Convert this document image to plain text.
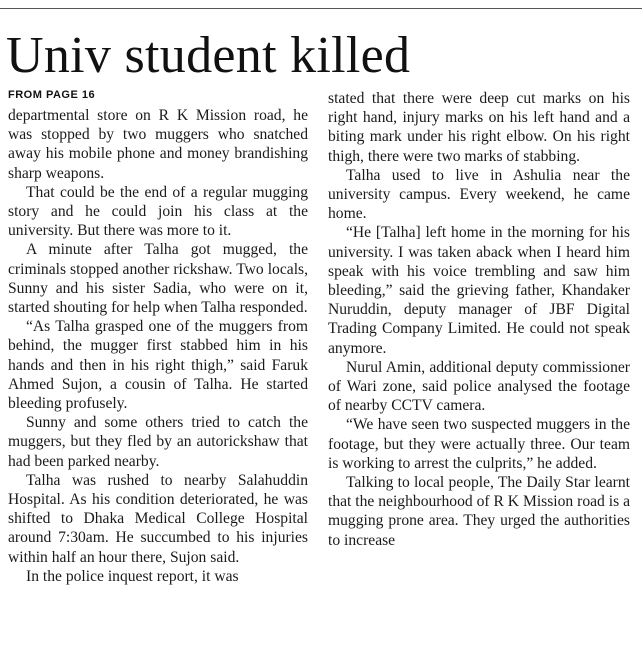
Univ student killed
FROM PAGE 16

departmental store on R K Mission road, he was stopped by two muggers who snatched away his mobile phone and money brandishing sharp weapons.

That could be the end of a regular mugging story and he could join his class at the university. But there was more to it.

A minute after Talha got mugged, the criminals stopped another rickshaw. Two locals, Sunny and his sister Sadia, who were on it, started shouting for help when Talha responded.

“As Talha grasped one of the muggers from behind, the mugger first stabbed him in his hands and then in his right thigh,” said Faruk Ahmed Sujon, a cousin of Talha. He started bleeding profusely.

Sunny and some others tried to catch the muggers, but they fled by an autorickshaw that had been parked nearby.

Talha was rushed to nearby Salahuddin Hospital. As his condition deteriorated, he was shifted to Dhaka Medical College Hospital around 7:30am. He succumbed to his injuries within half an hour there, Sujon said.

In the police inquest report, it was

stated that there were deep cut marks on his right hand, injury marks on his left hand and a biting mark under his right elbow. On his right thigh, there were two marks of stabbing.

Talha used to live in Ashulia near the university campus. Every weekend, he came home.

“He [Talha] left home in the morning for his university. I was taken aback when I heard him speak with his voice trembling and saw him bleeding,” said the grieving father, Khandaker Nuruddin, deputy manager of JBF Digital Trading Company Limited. He could not speak anymore.

Nurul Amin, additional deputy commissioner of Wari zone, said police analysed the footage of nearby CCTV camera.

“We have seen two suspected muggers in the footage, but they were actually three. Our team is working to arrest the culprits,” he added.

Talking to local people, The Daily Star learnt that the neighbourhood of R K Mission road is a mugging prone area. They urged the authorities to increase
